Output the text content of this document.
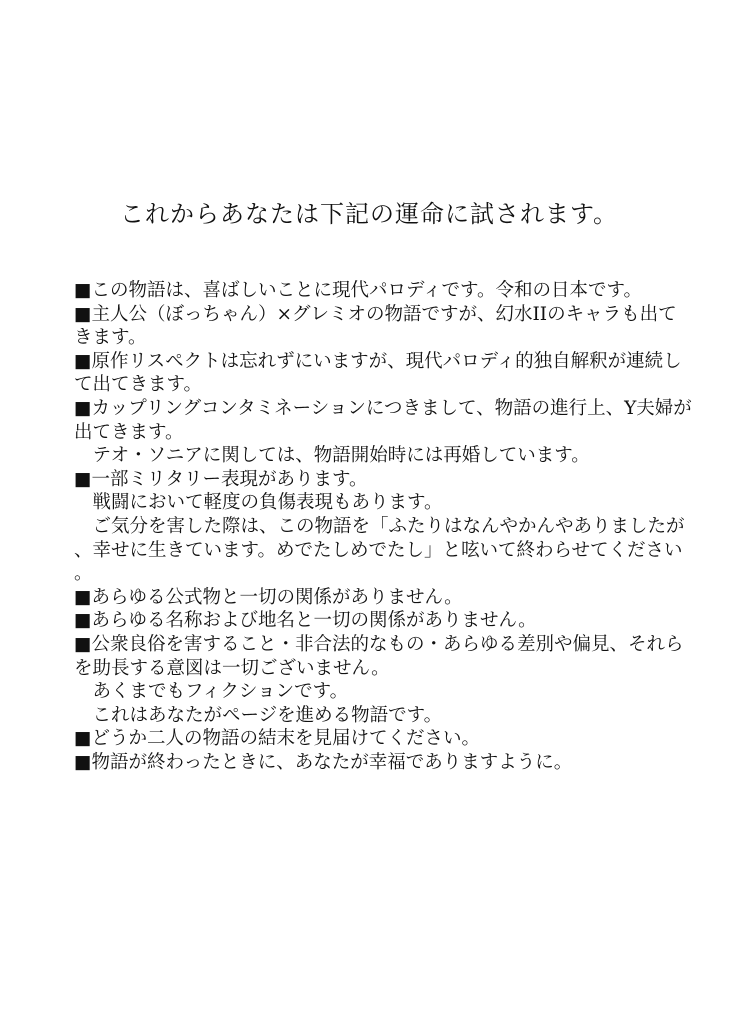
これからあなたは下記の運命に試されます。

■この物語は、喜ばしいことに現代パロディです。令和の日本です。

■主人公（ぼっちゃん）×グレミオの物語ですが、幻水IIのキャラも出てきます。

■原作リスペクトは忘れずにいますが、現代パロディ的独自解釈が連続して出てきます。

■カップリングコンタミネーションにつきまして、物語の進行上、Y夫婦が出てきます。

テオ・ソニアに関しては、物語開始時には再婚しています。

■一部ミリタリー表現があります。

戦闘において軽度の負傷表現もあります。

ご気分を害した際は、この物語を「ふたりはなんやかんやありましたが、幸せに生きています。めでたしめでたし」と呟いて終わらせてください。

■あらゆる公式物と一切の関係がありません。

■あらゆる名称および地名と一切の関係がありません。

■公衆良俗を害すること・非合法的なもの・あらゆる差別や偏見、それらを助長する意図は一切ございません。

あくまでもフィクションです。

これはあなたがページを進める物語です。

■どうか二人の物語の結末を見届けてください。

■物語が終わったときに、あなたが幸福でありますように。
